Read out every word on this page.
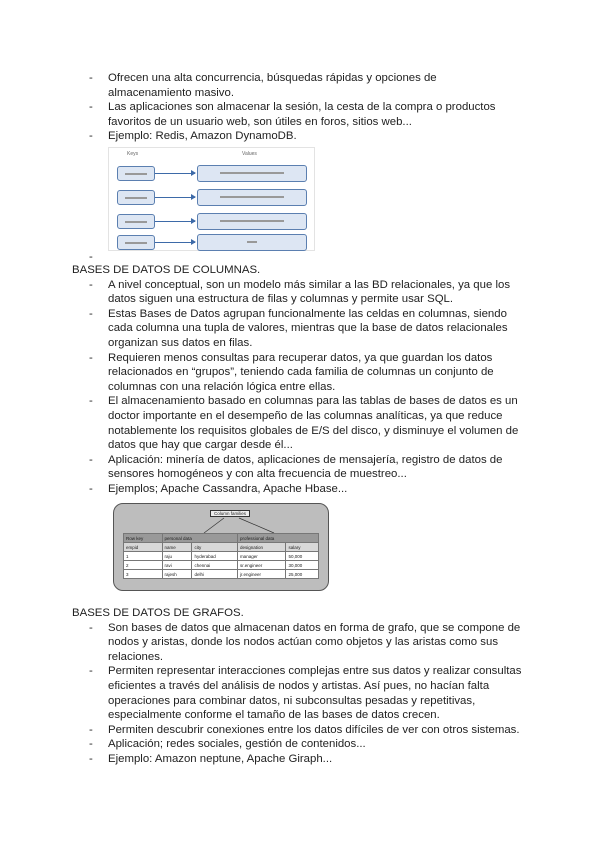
- Ofrecen una alta concurrencia, búsquedas rápidas y opciones de almacenamiento masivo.
- Las aplicaciones son almacenar la sesión, la cesta de la compra o productos favoritos de un usuario web, son útiles en foros, sitios web...
- Ejemplo: Redis, Amazon DynamoDB.
Keys	Values
-

BASES DE DATOS DE COLUMNAS.
- A nivel conceptual, son un modelo más similar a las BD relacionales, ya que los datos siguen una estructura de filas y columnas y permite usar SQL.
- Estas Bases de Datos agrupan funcionalmente las celdas en columnas, siendo cada columna una tupla de valores, mientras que la base de datos relacionales organizan sus datos en filas.
- Requieren menos consultas para recuperar datos, ya que guardan los datos relacionados en “grupos”, teniendo cada familia de columnas un conjunto de columnas con una relación lógica entre ellas.
- El almacenamiento basado en columnas para las tablas de bases de datos es un doctor importante en el desempeño de las columnas analíticas, ya que reduce notablemente los requisitos globales de E/S del disco, y disminuye el volumen de datos que hay que cargar desde él...
- Aplicación: minería de datos, aplicaciones de mensajería, registro de datos de sensores homogéneos y con alta frecuencia de muestreo...
- Ejemplos; Apache Cassandra, Apache Hbase...
Column families
Row key	personal data		professional data	
empid	name	city	designation	salary
1	raju	hyderabad	manager	50,000
2	ravi	chennai	sr.engineer	30,000
3	rajesh	delhi	jr.engineer	25,000
BASES DE DATOS DE GRAFOS.
- Son bases de datos que almacenan datos en forma de grafo, que se compone de nodos y aristas, donde los nodos actúan como objetos y las aristas como sus relaciones.
- Permiten representar interacciones complejas entre sus datos y realizar consultas eficientes a través del análisis de nodos y artistas. Así pues, no hacían falta operaciones para combinar datos, ni subconsultas pesadas y repetitivas, especialmente conforme el tamaño de las bases de datos crecen.
- Permiten descubrir conexiones entre los datos difíciles de ver con otros sistemas.
- Aplicación; redes sociales, gestión de contenidos...
- Ejemplo: Amazon neptune, Apache Giraph...
